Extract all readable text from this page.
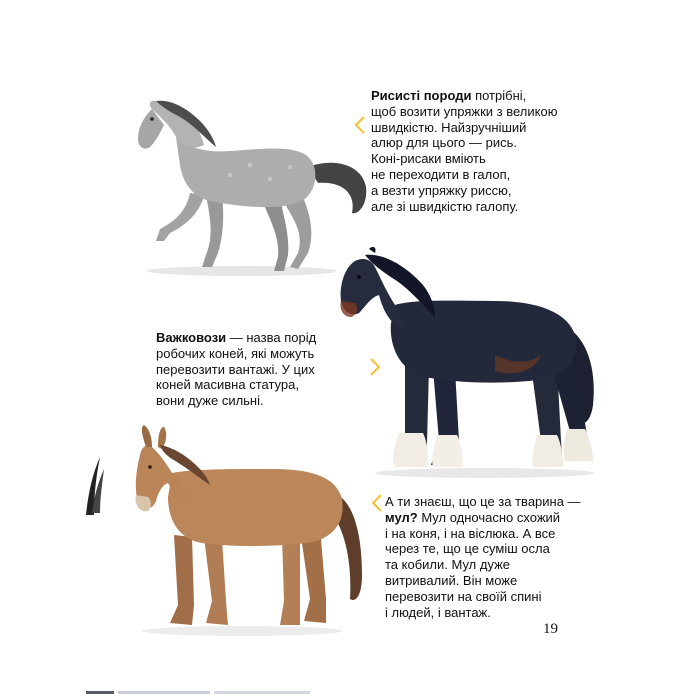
Рисисті породи потрібні,
щоб возити упряжки з великою
швидкістю. Найзручніший
алюр для цього — рись.
Коні-рисаки вміють
не переходити в галоп,
а везти упряжку риссю,
але зі швидкістю галопу.
Важковози — назва порід
робочих коней, які можуть
перевозити вантажі. У цих
коней масивна статура,
вони дуже сильні.
А ти знаєш, що це за тварина —
мул? Мул одночасно схожий
і на коня, і на віслюка. А все
через те, що це суміш осла
та кобили. Мул дуже
витривалий. Він може
перевозити на своїй спині
і людей, і вантаж.
19
